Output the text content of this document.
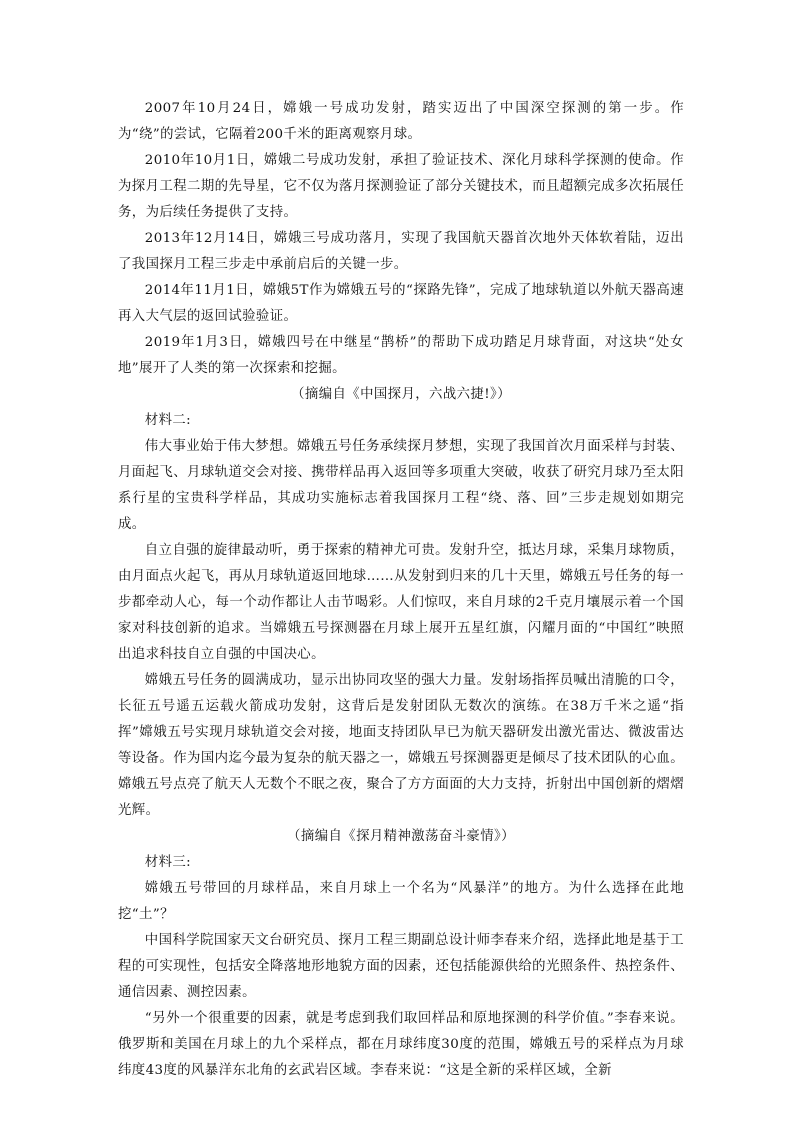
2007年10月24日，嫦娥一号成功发射，踏实迈出了中国深空探测的第一步。作为“绕”的尝试，它隔着200千米的距离观察月球。

2010年10月1日，嫦娥二号成功发射，承担了验证技术、深化月球科学探测的使命。作为探月工程二期的先导星，它不仅为落月探测验证了部分关键技术，而且超额完成多次拓展任务，为后续任务提供了支持。

2013年12月14日，嫦娥三号成功落月，实现了我国航天器首次地外天体软着陆，迈出了我国探月工程三步走中承前启后的关键一步。

2014年11月1日，嫦娥5T作为嫦娥五号的“探路先锋”，完成了地球轨道以外航天器高速再入大气层的返回试验验证。

2019年1月3日，嫦娥四号在中继星“鹊桥”的帮助下成功踏足月球背面，对这块“处女地”展开了人类的第一次探索和挖掘。

（摘编自《中国探月，六战六捷!》）

材料二:

伟大事业始于伟大梦想。嫦娥五号任务承续探月梦想，实现了我国首次月面采样与封装、月面起飞、月球轨道交会对接、携带样品再入返回等多项重大突破，收获了研究月球乃至太阳系行星的宝贵科学样品，其成功实施标志着我国探月工程“绕、落、回”三步走规划如期完成。

自立自强的旋律最动听，勇于探索的精神尤可贵。发射升空，抵达月球，采集月球物质，由月面点火起飞，再从月球轨道返回地球……从发射到归来的几十天里，嫦娥五号任务的每一步都牵动人心，每一个动作都让人击节喝彩。人们惊叹，来自月球的2千克月壤展示着一个国家对科技创新的追求。当嫦娥五号探测器在月球上展开五星红旗，闪耀月面的“中国红”映照出追求科技自立自强的中国决心。

嫦娥五号任务的圆满成功，显示出协同攻坚的强大力量。发射场指挥员喊出清脆的口令，长征五号遥五运载火箭成功发射，这背后是发射团队无数次的演练。在38万千米之遥“指挥”嫦娥五号实现月球轨道交会对接，地面支持团队早已为航天器研发出激光雷达、微波雷达等设备。作为国内迄今最为复杂的航天器之一，嫦娥五号探测器更是倾尽了技术团队的心血。嫦娥五号点亮了航天人无数个不眠之夜，聚合了方方面面的大力支持，折射出中国创新的熠熠光辉。

（摘编自《探月精神激荡奋斗豪情》）

材料三:

嫦娥五号带回的月球样品，来自月球上一个名为“风暴洋”的地方。为什么选择在此地挖“土”？

中国科学院国家天文台研究员、探月工程三期副总设计师李春来介绍，选择此地是基于工程的可实现性，包括安全降落地形地貌方面的因素，还包括能源供给的光照条件、热控条件、通信因素、测控因素。

“另外一个很重要的因素，就是考虑到我们取回样品和原地探测的科学价值。”李春来说。俄罗斯和美国在月球上的九个采样点，都在月球纬度30度的范围，嫦娥五号的采样点为月球纬度43度的风暴洋东北角的玄武岩区域。李春来说：“这是全新的采样区域，全新
